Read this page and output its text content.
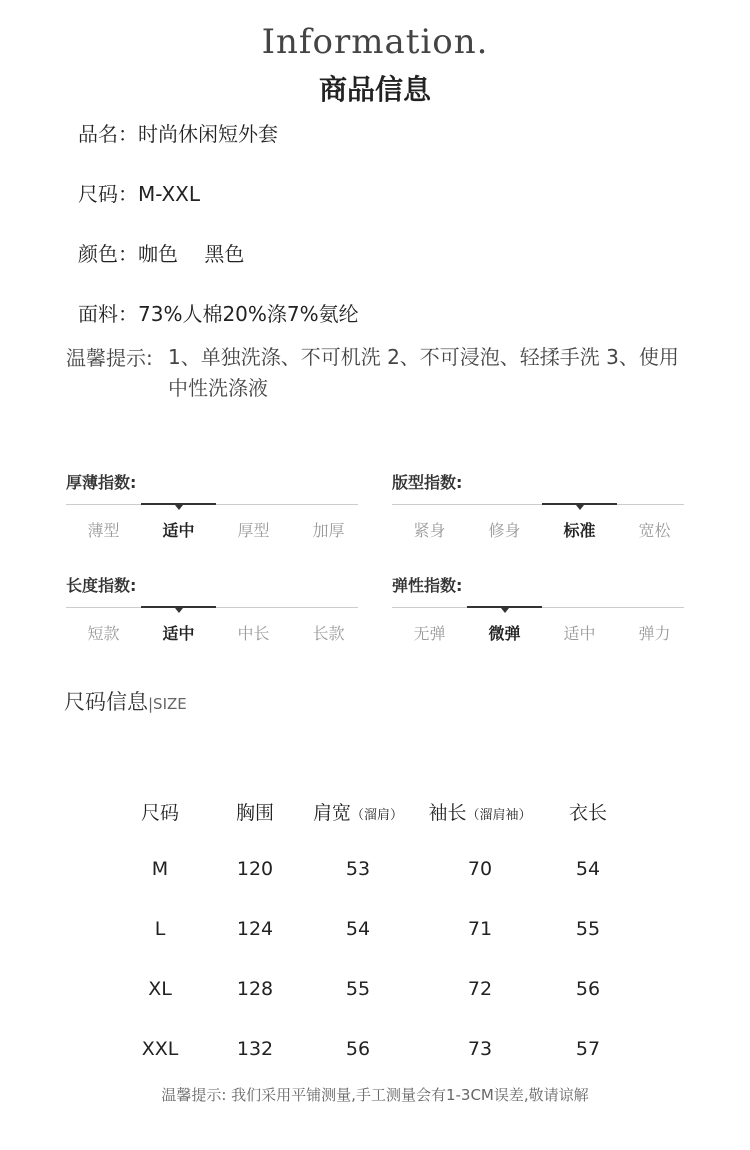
Information.
商品信息
品名：时尚休闲短外套
尺码：M-XXL
颜色：咖色　 黑色
面料：73%人棉20%涤7%氨纶
温馨提示: 1、单独洗涤、不可机洗 2、不可浸泡、轻揉手洗 3、使用中性洗涤液
厚薄指数:
薄型	适中	厚型	加厚
版型指数:
紧身	修身	标准	宽松
长度指数:
短款	适中	中长	长款
弹性指数:
无弹	微弹	适中	弹力
尺码信息|SIZE
尺码	胸围	肩宽（溜肩）	袖长（溜肩袖）	衣长
M	120	53	70	54
L	124	54	71	55
XL	128	55	72	56
XXL	132	56	73	57
温馨提示: 我们采用平铺测量,手工测量会有1-3CM误差,敬请谅解
